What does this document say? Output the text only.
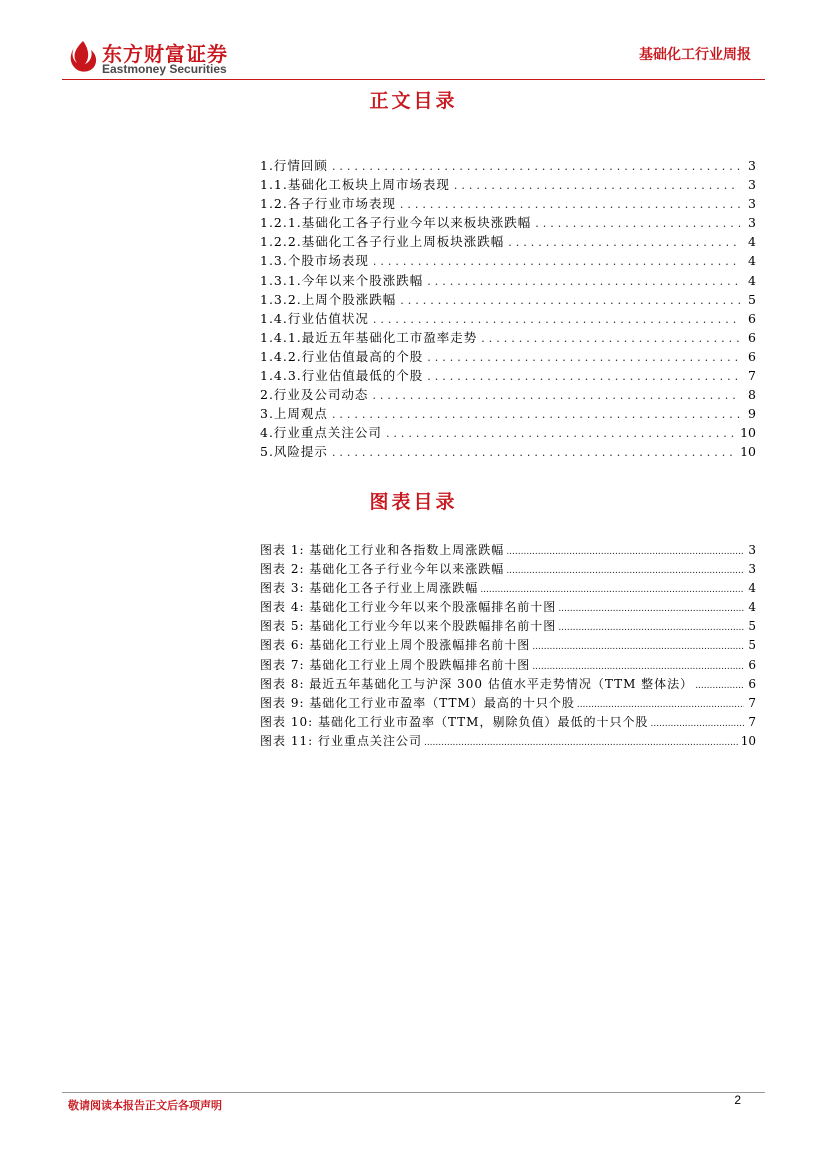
东方财富证券
Eastmoney Securities
基础化工行业周报
正文目录
1.行情回顾 .....	3
1.1.基础化工板块上周市场表现 .....	3
1.2.各子行业市场表现 .....	3
1.2.1.基础化工各子行业今年以来板块涨跌幅 .....	3
1.2.2.基础化工各子行业上周板块涨跌幅 .....	4
1.3.个股市场表现 .....	4
1.3.1.今年以来个股涨跌幅 .....	4
1.3.2.上周个股涨跌幅 .....	5
1.4.行业估值状况 .....	6
1.4.1.最近五年基础化工市盈率走势 .....	6
1.4.2.行业估值最高的个股 .....	6
1.4.3.行业估值最低的个股 .....	7
2.行业及公司动态 .....	8
3.上周观点 .....	9
4.行业重点关注公司 .....	10
5.风险提示 .....	10
图表目录
图表 1: 基础化工行业和各指数上周涨跌幅 .....	3
图表 2: 基础化工各子行业今年以来涨跌幅 .....	3
图表 3: 基础化工各子行业上周涨跌幅 .....	4
图表 4: 基础化工行业今年以来个股涨幅排名前十图 .....	4
图表 5: 基础化工行业今年以来个股跌幅排名前十图 .....	5
图表 6: 基础化工行业上周个股涨幅排名前十图 .....	5
图表 7: 基础化工行业上周个股跌幅排名前十图 .....	6
图表 8: 最近五年基础化工与沪深 300 估值水平走势情况（TTM 整体法） .....	6
图表 9: 基础化工行业市盈率（TTM）最高的十只个股 .....	7
图表 10: 基础化工行业市盈率（TTM，剔除负值）最低的十只个股 .....	7
图表 11: 行业重点关注公司 .....	10
敬请阅读本报告正文后各项声明	2
